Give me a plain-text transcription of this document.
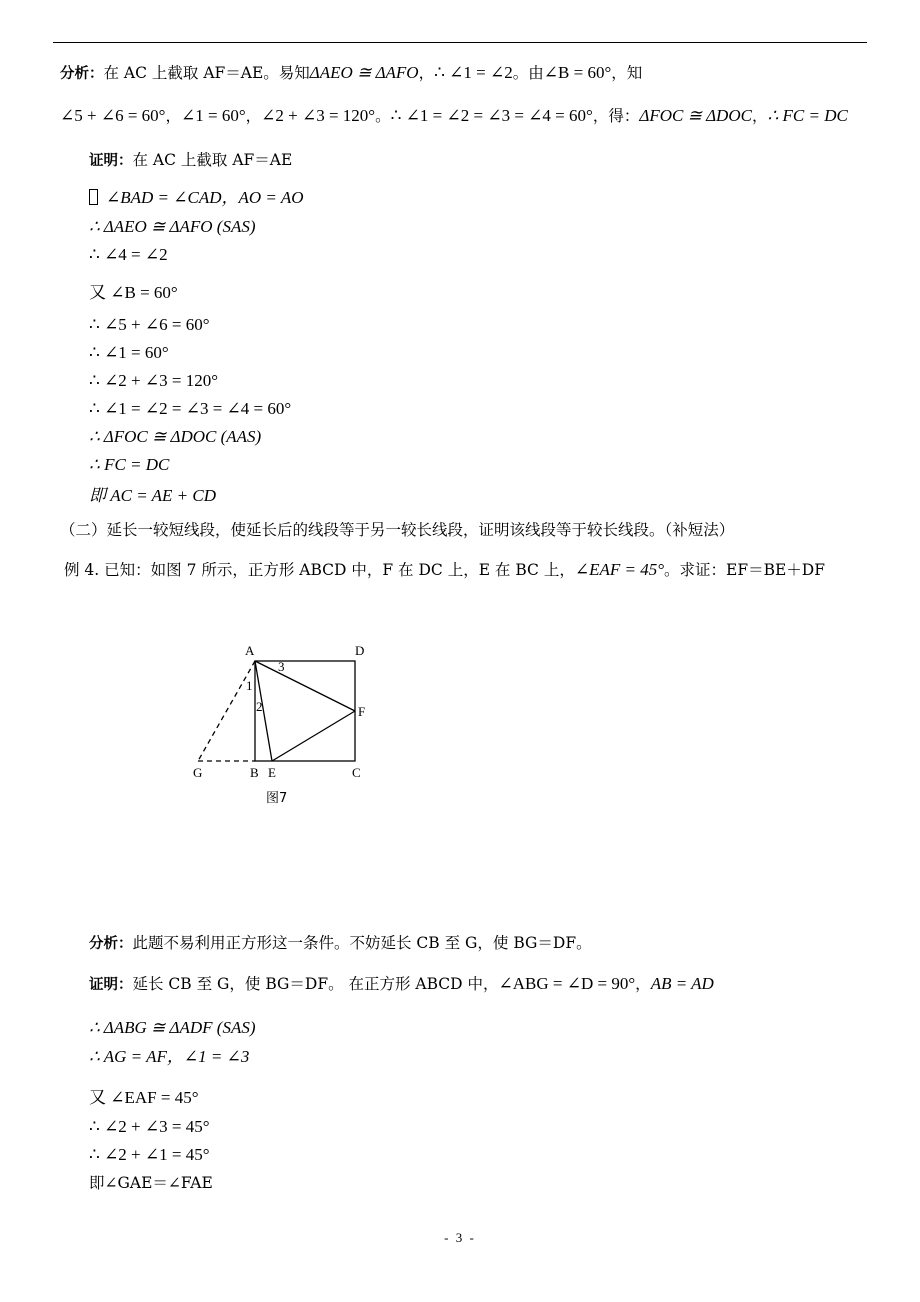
分析：在 AC 上截取 AF＝AE。易知ΔAEO ≅ ΔAFO，∴ ∠1 = ∠2。由∠B = 60°，知
∠5 + ∠6 = 60°，∠1 = 60°，∠2 + ∠3 = 120°。∴ ∠1 = ∠2 = ∠3 = ∠4 = 60°，得：ΔFOC ≅ ΔDOC，∴ FC = DC
证明：在 AC 上截取 AF＝AE
∠BAD = ∠CAD，AO = AO
∴ ΔAEO ≅ ΔAFO (SAS)
∴ ∠4 = ∠2
又 ∠B = 60°
∴ ∠5 + ∠6 = 60°
∴ ∠1 = 60°
∴ ∠2 + ∠3 = 120°
∴ ∠1 = ∠2 = ∠3 = ∠4 = 60°
∴ ΔFOC ≅ ΔDOC (AAS)
∴ FC = DC
即 AC = AE + CD
（二）延长一较短线段，使延长后的线段等于另一较长线段，证明该线段等于较长线段。（补短法）
例 4. 已知：如图 7 所示，正方形 ABCD 中，F 在 DC 上，E 在 BC 上，∠EAF = 45°。求证：EF＝BE＋DF
A	D
F
G	B E	C
1
2
3
图7
分析：此题不易利用正方形这一条件。不妨延长 CB 至 G，使 BG＝DF。
证明：延长 CB 至 G，使 BG＝DF。 在正方形 ABCD 中，∠ABG = ∠D = 90°，AB = AD
∴ ΔABG ≅ ΔADF (SAS)
∴ AG = AF，∠1 = ∠3
又 ∠EAF = 45°
∴ ∠2 + ∠3 = 45°
∴ ∠2 + ∠1 = 45°
即∠GAE＝∠FAE
- 3 -
